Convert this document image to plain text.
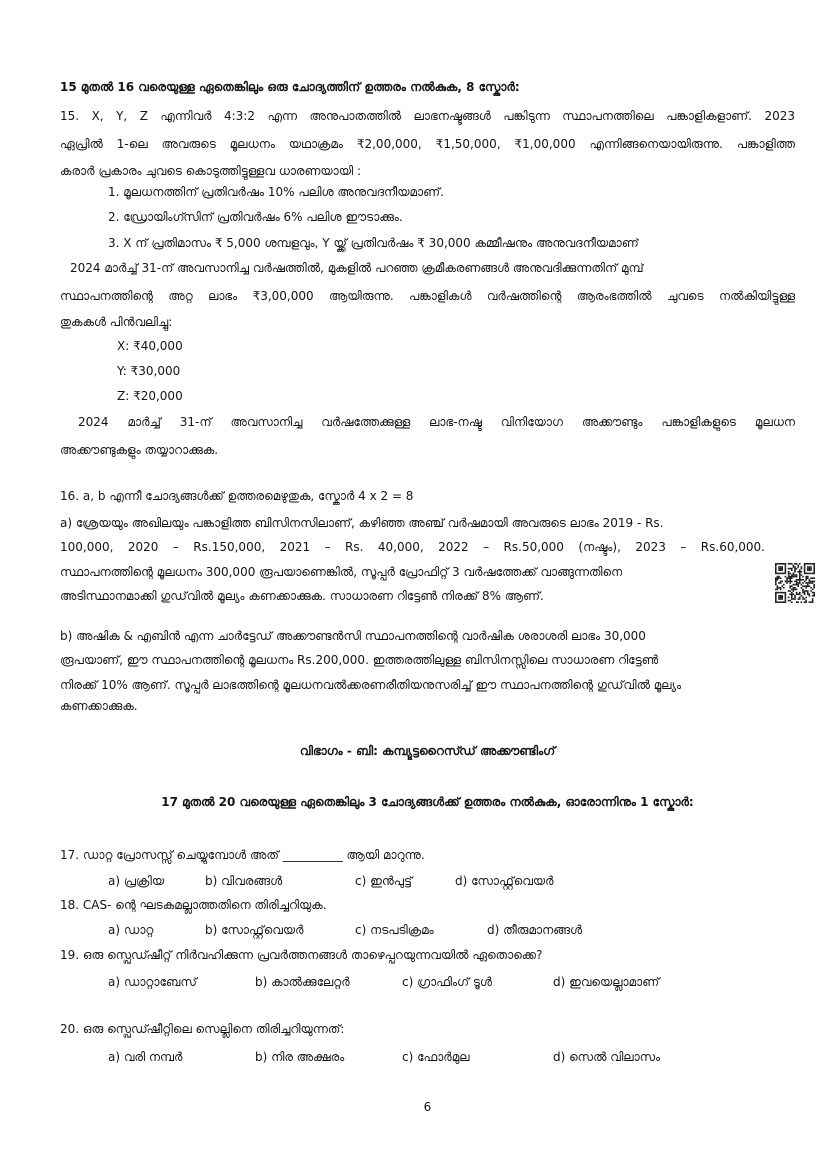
15 മുതൽ 16 വരെയുള്ള ഏതെങ്കിലും ഒരു ചോദ്യത്തിന് ഉത്തരം നൽകുക, 8 സ്കോർ:
15. X, Y, Z എന്നിവർ 4:3:2 എന്ന അനുപാതത്തിൽ ലാഭനഷ്ടങ്ങൾ പങ്കിടുന്ന സ്ഥാപനത്തിലെ പങ്കാളികളാണ്. 2023
ഏപ്രിൽ 1-ലെ അവരുടെ മൂലധനം യഥാക്രമം ₹2,00,000, ₹1,50,000, ₹1,00,000 എന്നിങ്ങനെയായിരുന്നു. പങ്കാളിത്ത
കരാർ പ്രകാരം ചുവടെ കൊടുത്തിട്ടുള്ളവ ധാരണയായി :
1. മൂലധനത്തിന് പ്രതിവർഷം 10% പലിശ അനുവദനീയമാണ്.
2. ഡ്രോയിംഗ്സിന് പ്രതിവർഷം 6% പലിശ ഈടാക്കും.
3. X ന് പ്രതിമാസം ₹ 5,000 ശമ്പളവും, Y യ്ക്ക് പ്രതിവർഷം ₹ 30,000 കമ്മീഷനും അനുവദനീയമാണ്
2024 മാർച്ച് 31-ന് അവസാനിച്ച വർഷത്തിൽ, മുകളിൽ പറഞ്ഞ ക്രമീകരണങ്ങൾ അനുവദിക്കുന്നതിന് മുമ്പ്
സ്ഥാപനത്തിന്റെ അറ്റ ലാഭം ₹3,00,000 ആയിരുന്നു. പങ്കാളികൾ വർഷത്തിന്റെ ആരംഭത്തിൽ ചുവടെ നൽകിയിട്ടുള്ള
തുകകൾ പിൻവലിച്ചു:
X: ₹40,000
Y: ₹30,000
Z: ₹20,000
2024 മാർച്ച് 31-ന് അവസാനിച്ച വർഷത്തേക്കുള്ള ലാഭ-നഷ്ട വിനിയോഗ അക്കൗണ്ടും പങ്കാളികളുടെ മൂലധന
അക്കൗണ്ടുകളും തയ്യാറാക്കുക.
16. a, b എന്നീ ചോദ്യങ്ങൾക്ക് ഉത്തരമെഴുതുക, സ്കോർ 4 x 2 = 8
a) ശ്രേയയും അഖിലയും പങ്കാളിത്ത ബിസിനസിലാണ്, കഴിഞ്ഞ അഞ്ച് വർഷമായി അവരുടെ ലാഭം 2019 - Rs.
100,000, 2020 – Rs.150,000, 2021 – Rs. 40,000, 2022 – Rs.50,000 (നഷ്ടം), 2023 – Rs.60,000.
സ്ഥാപനത്തിന്റെ മൂലധനം 300,000 രൂപയാണെങ്കിൽ, സൂപ്പർ പ്രോഫിറ്റ് 3 വർഷത്തേക്ക് വാങ്ങുന്നതിനെ
അടിസ്ഥാനമാക്കി ഗുഡ്‌വിൽ മൂല്യം കണക്കാക്കുക. സാധാരണ റിട്ടേൺ നിരക്ക് 8% ആണ്.
b) അഷിക & എബിൻ എന്ന ചാർട്ടേഡ് അക്കൗണ്ടൻസി സ്ഥാപനത്തിന്റെ വാർഷിക ശരാശരി ലാഭം 30,000
രൂപയാണ്, ഈ സ്ഥാപനത്തിന്റെ മൂലധനം Rs.200,000. ഇത്തരത്തിലുള്ള ബിസിനസ്സിലെ സാധാരണ റിട്ടേൺ
നിരക്ക് 10% ആണ്. സൂപ്പർ ലാഭത്തിന്റെ മൂലധനവൽക്കരണരീതിയനുസരിച്ച് ഈ സ്ഥാപനത്തിന്റെ ഗുഡ്‌വിൽ മൂല്യം
കണക്കാക്കുക.
വിഭാഗം - ബി: കമ്പ്യൂട്ടറൈസ്ഡ് അക്കൗണ്ടിംഗ്
17 മുതൽ 20 വരെയുള്ള ഏതെങ്കിലും 3 ചോദ്യങ്ങൾക്ക് ഉത്തരം നൽകുക, ഓരോന്നിനും 1 സ്കോർ:
17. ഡാറ്റ പ്രോസസ്സ് ചെയ്യുമ്പോൾ അത് __________ ആയി മാറുന്നു.
a) പ്രക്രിയ	b) വിവരങ്ങൾ	c) ഇൻപുട്ട്	d) സോഫ്റ്റ്‌വെയർ
18. CAS- ന്റെ ഘടകമല്ലാത്തതിനെ തിരിച്ചറിയുക.
a) ഡാറ്റ	b) സോഫ്റ്റ്‌വെയർ	c) നടപടിക്രമം	d) തീരുമാനങ്ങൾ
19. ഒരു സ്പ്രെഡ്ഷീറ്റ് നിർവഹിക്കുന്ന പ്രവർത്തനങ്ങൾ താഴെപ്പറയുന്നവയിൽ ഏതൊക്കെ?
a) ഡാറ്റാബേസ്	b) കാൽക്കുലേറ്റർ	c) ഗ്രാഫിംഗ് ടൂൾ	d) ഇവയെല്ലാമാണ്
20. ഒരു സ്പ്രെഡ്ഷീറ്റിലെ സെല്ലിനെ തിരിച്ചറിയുന്നത്:
a) വരി നമ്പർ	b) നിര അക്ഷരം	c) ഫോർമുല	d) സെൽ വിലാസം
6
